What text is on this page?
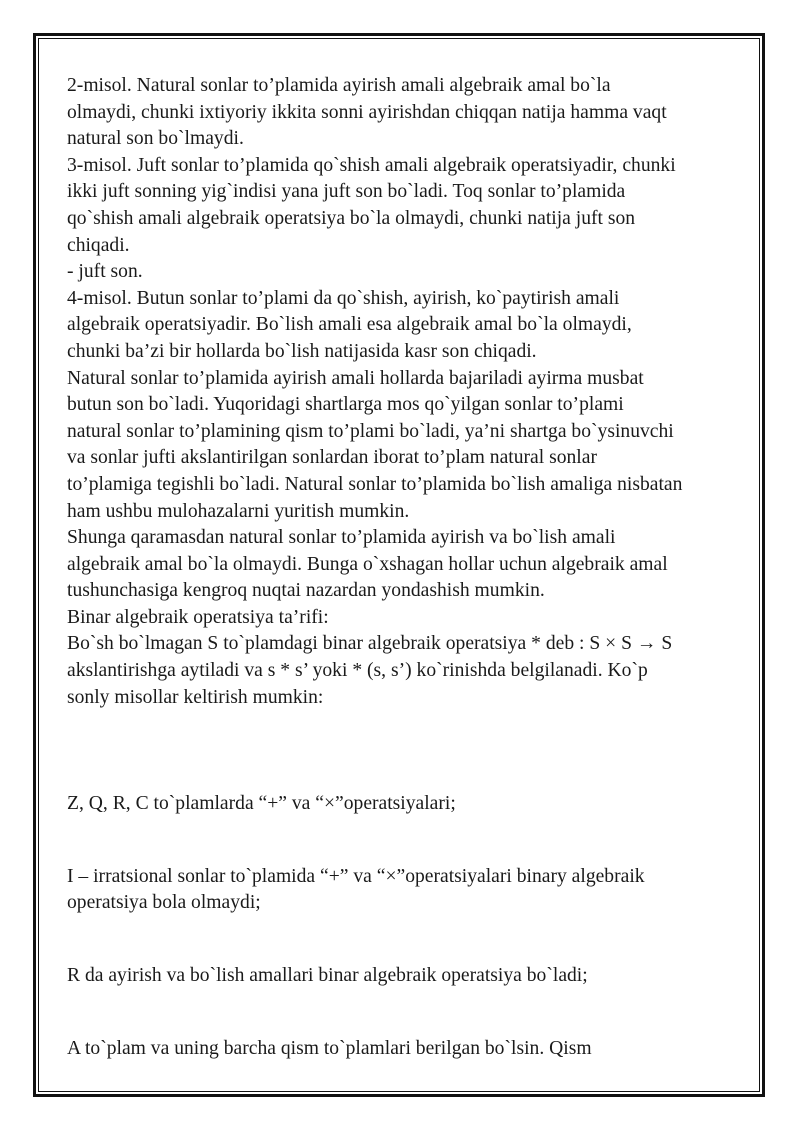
2-misol. Natural sonlar to’plamida ayirish amali algebraik amal bo`la

olmaydi, chunki ixtiyoriy ikkita sonni ayirishdan chiqqan natija hamma vaqt

natural son bo`lmaydi.

3-misol. Juft sonlar to’plamida qo`shish amali algebraik operatsiyadir, chunki

ikki juft sonning yig`indisi yana juft son bo`ladi. Toq sonlar to’plamida

qo`shish amali algebraik operatsiya bo`la olmaydi, chunki natija juft son

chiqadi.

- juft son.

4-misol. Butun sonlar to’plami da qo`shish, ayirish, ko`paytirish amali

algebraik operatsiyadir. Bo`lish amali esa algebraik amal bo`la olmaydi,

chunki ba’zi bir hollarda bo`lish natijasida kasr son chiqadi.

Natural sonlar to’plamida ayirish amali hollarda bajariladi ayirma musbat

butun son bo`ladi. Yuqoridagi shartlarga mos qo`yilgan sonlar to’plami

natural sonlar to’plamining qism to’plami bo`ladi, ya’ni shartga bo`ysinuvchi

va sonlar jufti akslantirilgan sonlardan iborat to’plam natural sonlar

to’plamiga tegishli bo`ladi. Natural sonlar to’plamida bo`lish amaliga nisbatan

ham ushbu mulohazalarni yuritish mumkin.

Shunga qaramasdan natural sonlar to’plamida ayirish va bo`lish amali

algebraik amal bo`la olmaydi. Bunga o`xshagan hollar uchun algebraik amal

tushunchasiga kengroq nuqtai nazardan yondashish mumkin.

Binar algebraik operatsiya ta’rifi:

Bo`sh bo`lmagan S to`plamdagi binar algebraik operatsiya * deb : S × S → S

akslantirishga aytiladi va s * s’ yoki * (s, s’) ko`rinishda belgilanadi. Ko`p

sonly misollar keltirish mumkin:

Z, Q, R, C to`plamlarda “+” va “×”operatsiyalari;

I – irratsional sonlar to`plamida “+” va “×”operatsiyalari binary algebraik

operatsiya bola olmaydi;

R da ayirish va bo`lish amallari binar algebraik operatsiya bo`ladi;

A to`plam va uning barcha qism to`plamlari berilgan bo`lsin. Qism
